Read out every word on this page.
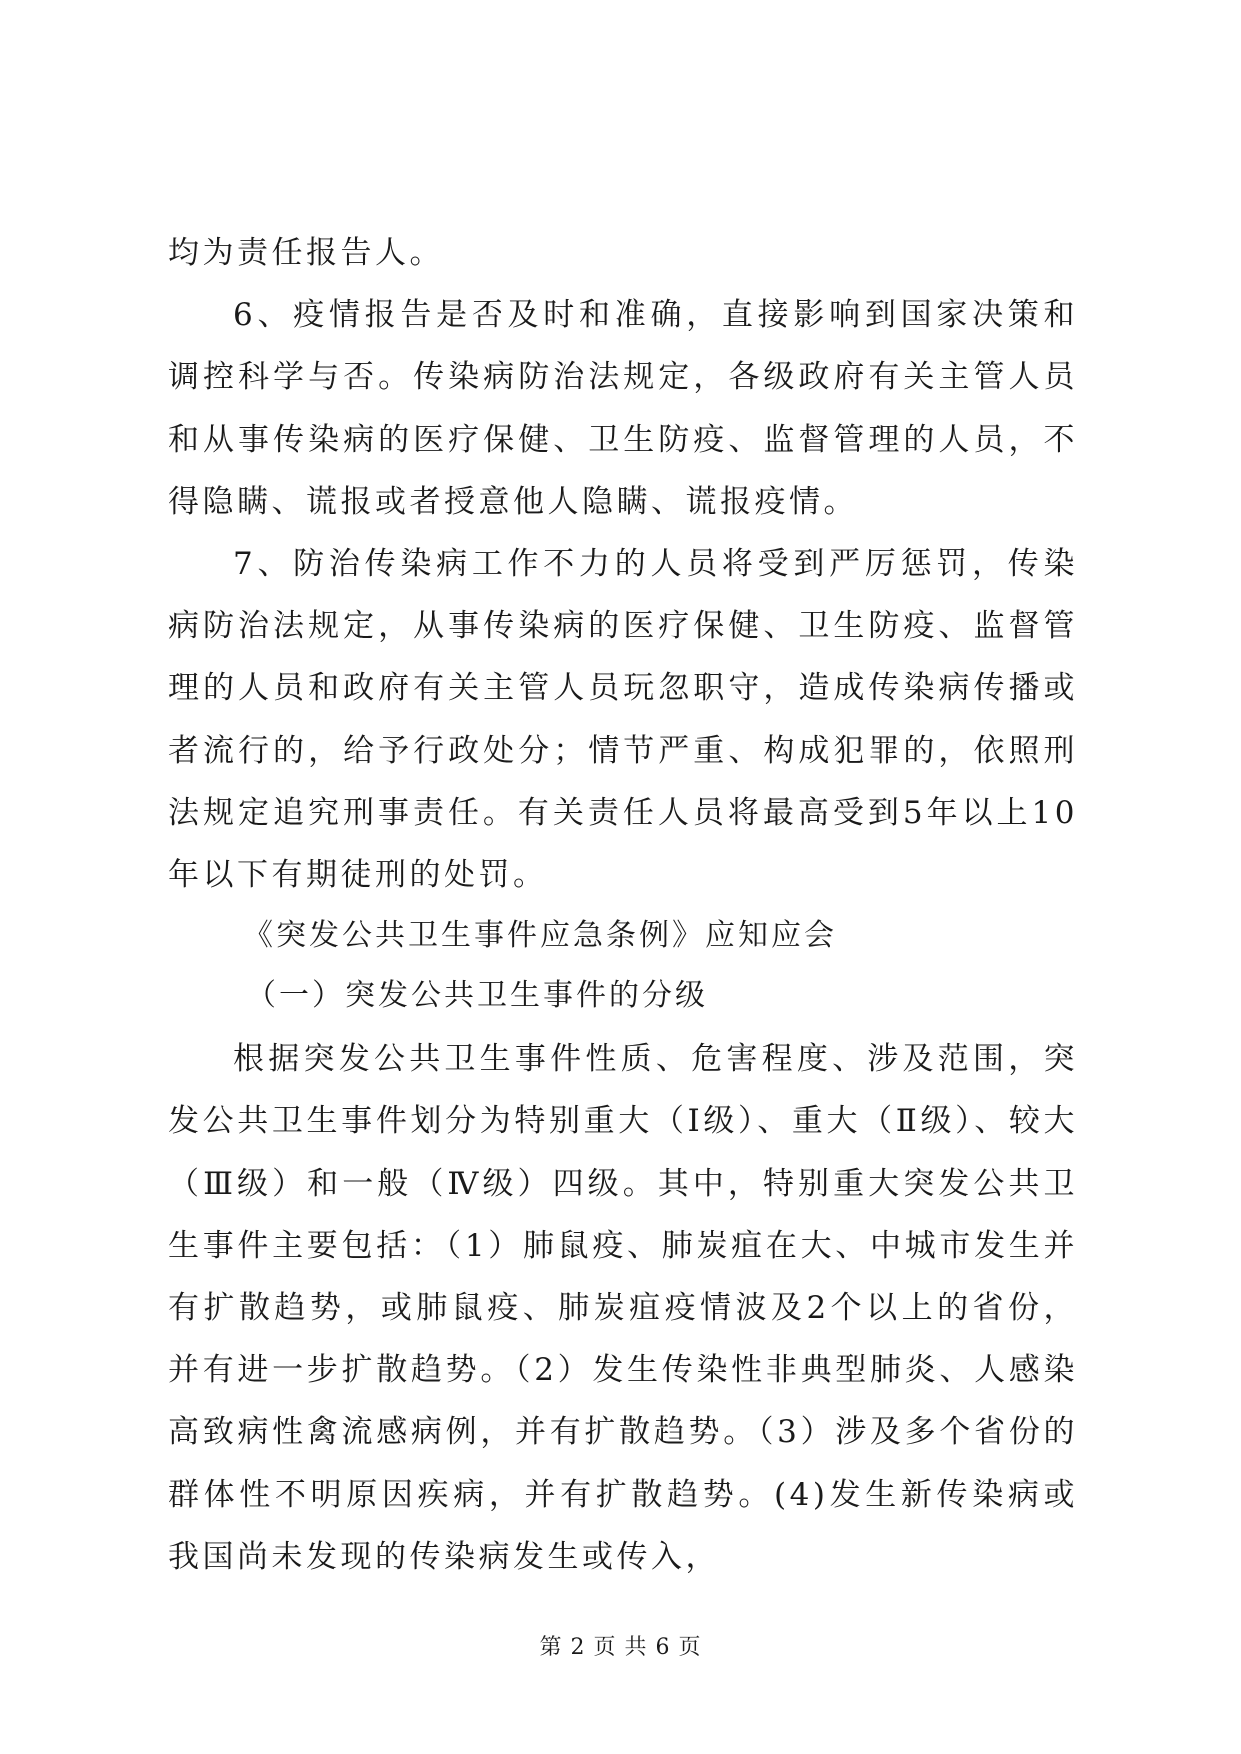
均为责任报告人。

6、疫情报告是否及时和准确，直接影响到国家决策和调控科学与否。传染病防治法规定，各级政府有关主管人员和从事传染病的医疗保健、卫生防疫、监督管理的人员，不得隐瞒、谎报或者授意他人隐瞒、谎报疫情。

7、防治传染病工作不力的人员将受到严厉惩罚，传染病防治法规定，从事传染病的医疗保健、卫生防疫、监督管理的人员和政府有关主管人员玩忽职守，造成传染病传播或者流行的，给予行政处分；情节严重、构成犯罪的，依照刑法规定追究刑事责任。有关责任人员将最高受到5年以上10年以下有期徒刑的处罚。

《突发公共卫生事件应急条例》应知应会

（一）突发公共卫生事件的分级

根据突发公共卫生事件性质、危害程度、涉及范围，突发公共卫生事件划分为特别重大（Ⅰ级）、重大（Ⅱ级）、较大（Ⅲ级）和一般（Ⅳ级）四级。其中，特别重大突发公共卫生事件主要包括：（1）肺鼠疫、肺炭疽在大、中城市发生并有扩散趋势，或肺鼠疫、肺炭疽疫情波及2个以上的省份，并有进一步扩散趋势。（2）发生传染性非典型肺炎、人感染高致病性禽流感病例，并有扩散趋势。（3）涉及多个省份的群体性不明原因疾病，并有扩散趋势。(4)发生新传染病或我国尚未发现的传染病发生或传入，

第 2 页 共 6 页
